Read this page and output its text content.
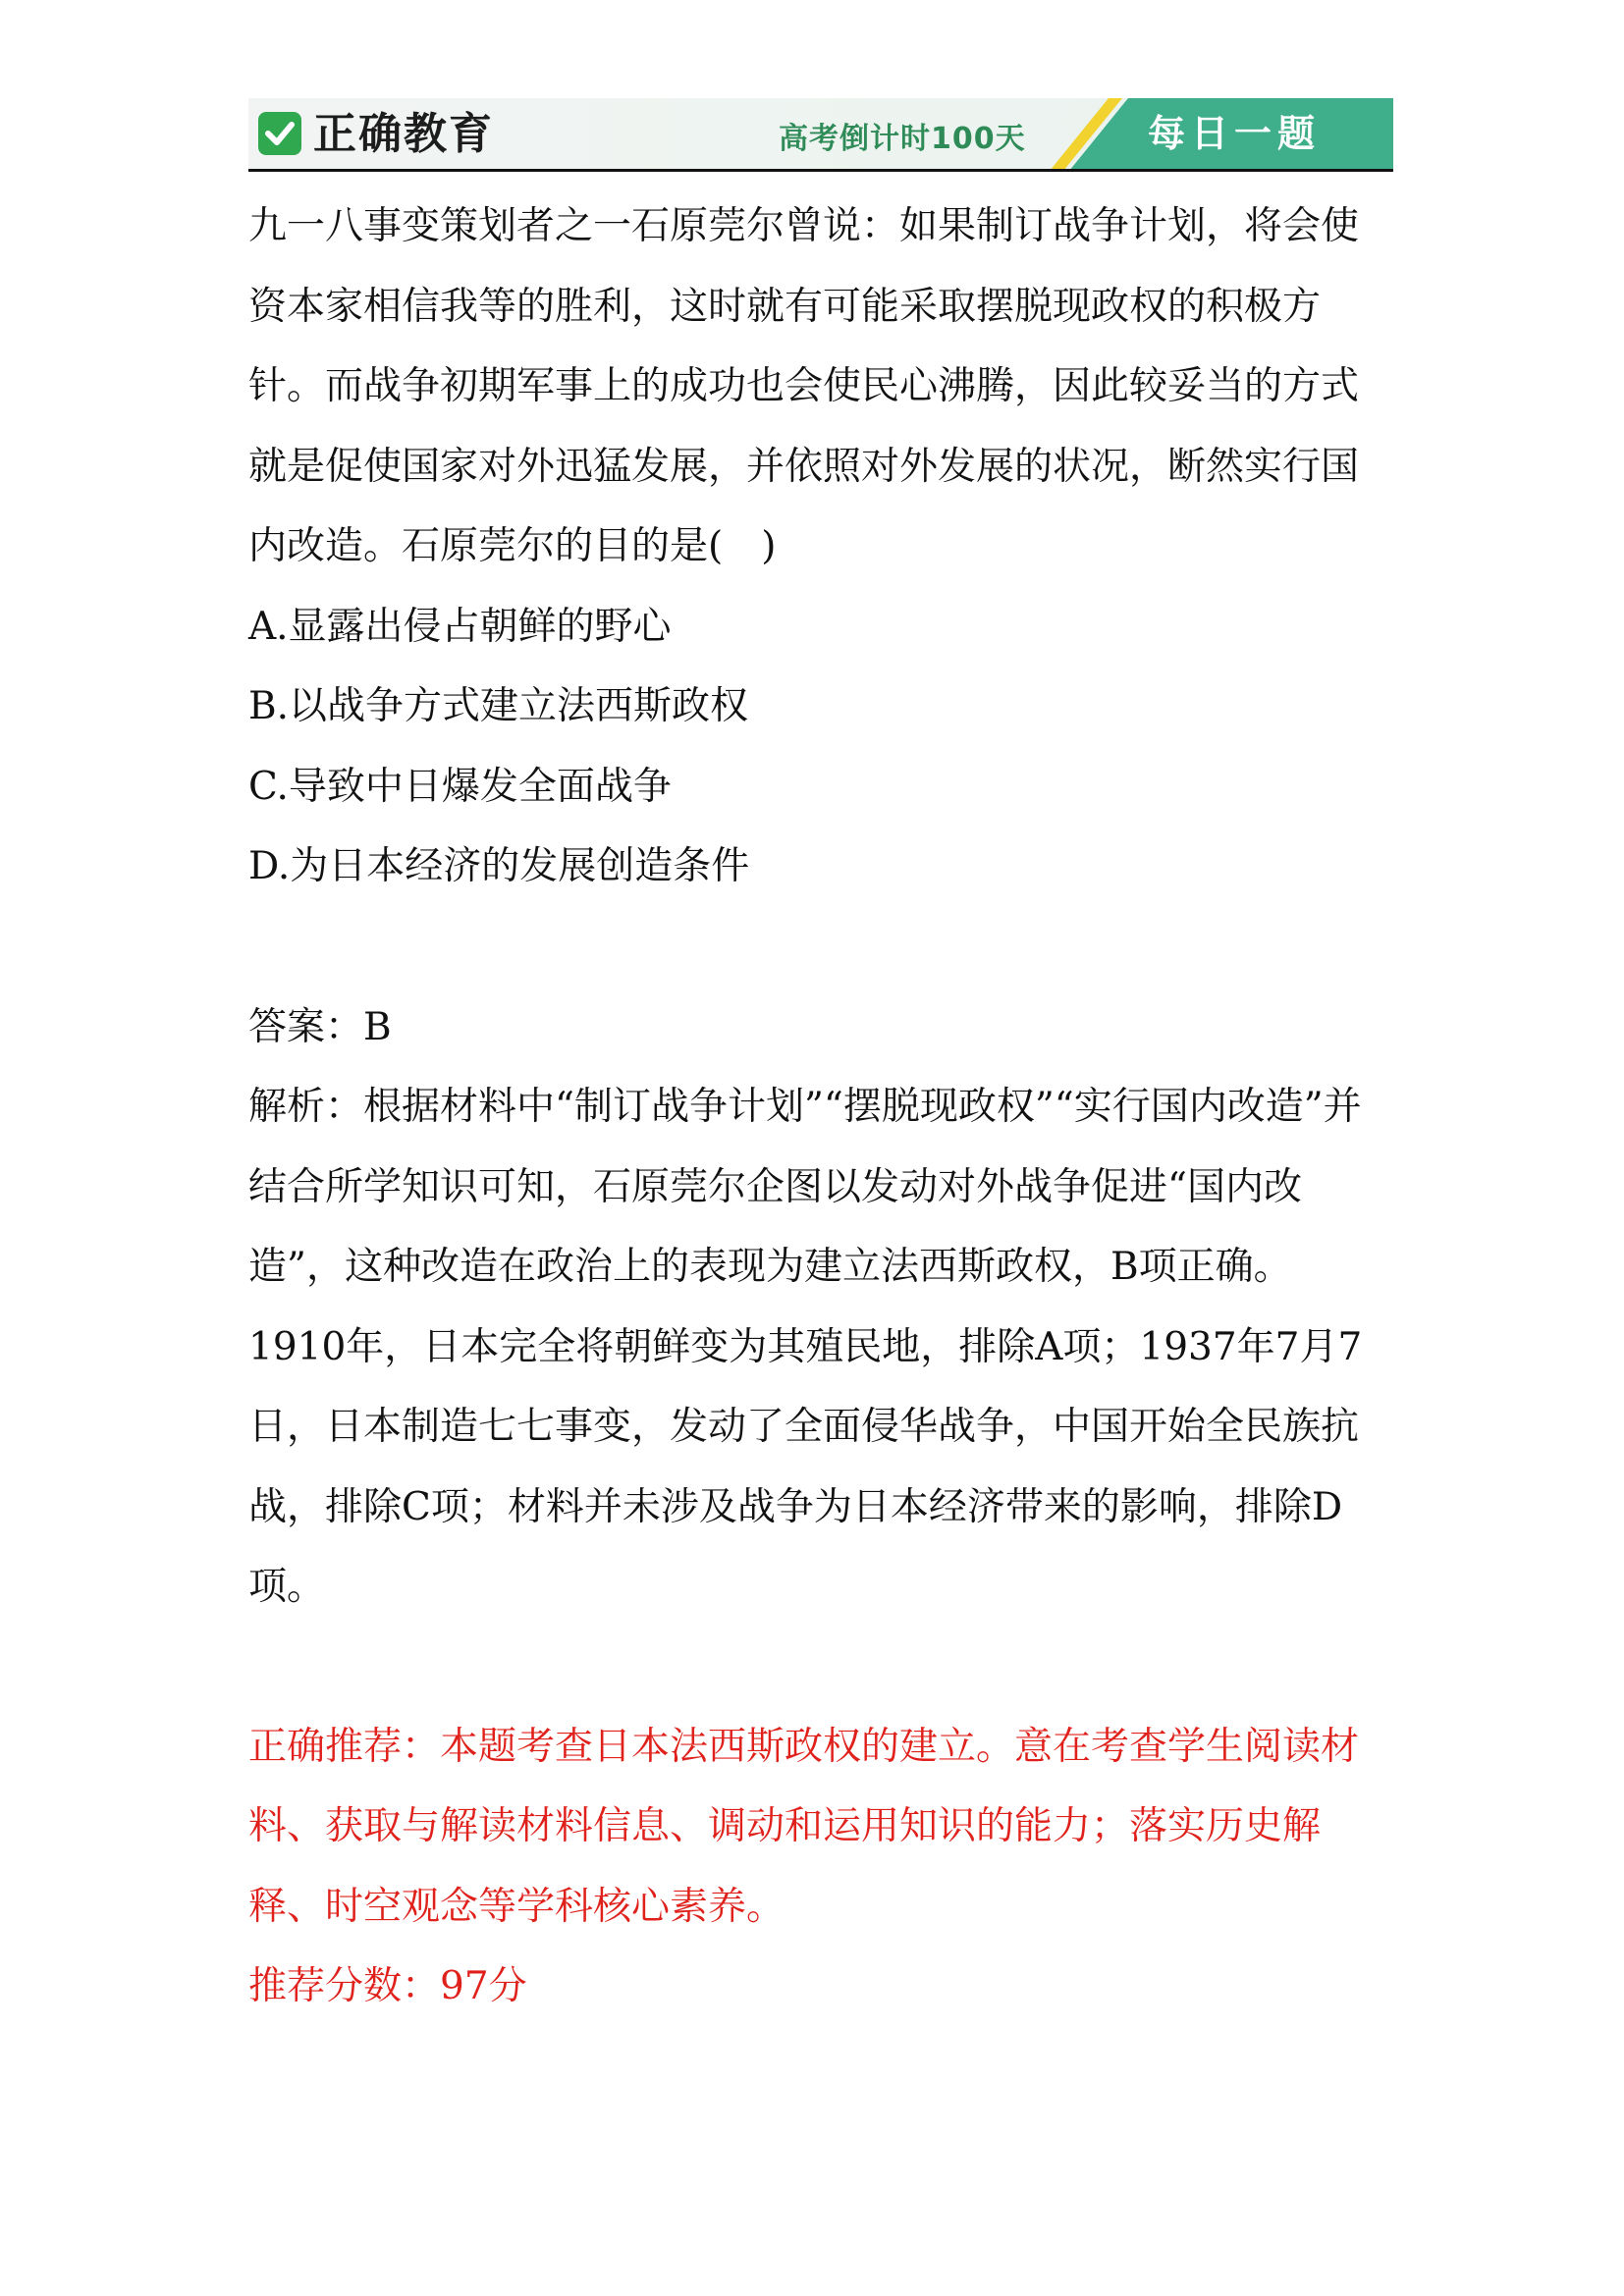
正确教育	高考倒计时100天	每日一题

九一八事变策划者之一石原莞尔曾说：如果制订战争计划，将会使资本家相信我等的胜利，这时就有可能采取摆脱现政权的积极方针。而战争初期军事上的成功也会使民心沸腾，因此较妥当的方式就是促使国家对外迅猛发展，并依照对外发展的状况，断然实行国内改造。石原莞尔的目的是(　)

A.显露出侵占朝鲜的野心

B.以战争方式建立法西斯政权

C.导致中日爆发全面战争

D.为日本经济的发展创造条件

答案：B

解析：根据材料中“制订战争计划”“摆脱现政权”“实行国内改造”并结合所学知识可知，石原莞尔企图以发动对外战争促进“国内改造”，这种改造在政治上的表现为建立法西斯政权，B项正确。1910年，日本完全将朝鲜变为其殖民地，排除A项；1937年7月7日，日本制造七七事变，发动了全面侵华战争，中国开始全民族抗战，排除C项；材料并未涉及战争为日本经济带来的影响，排除D项。

正确推荐：本题考查日本法西斯政权的建立。意在考查学生阅读材料、获取与解读材料信息、调动和运用知识的能力；落实历史解释、时空观念等学科核心素养。

推荐分数：97分
